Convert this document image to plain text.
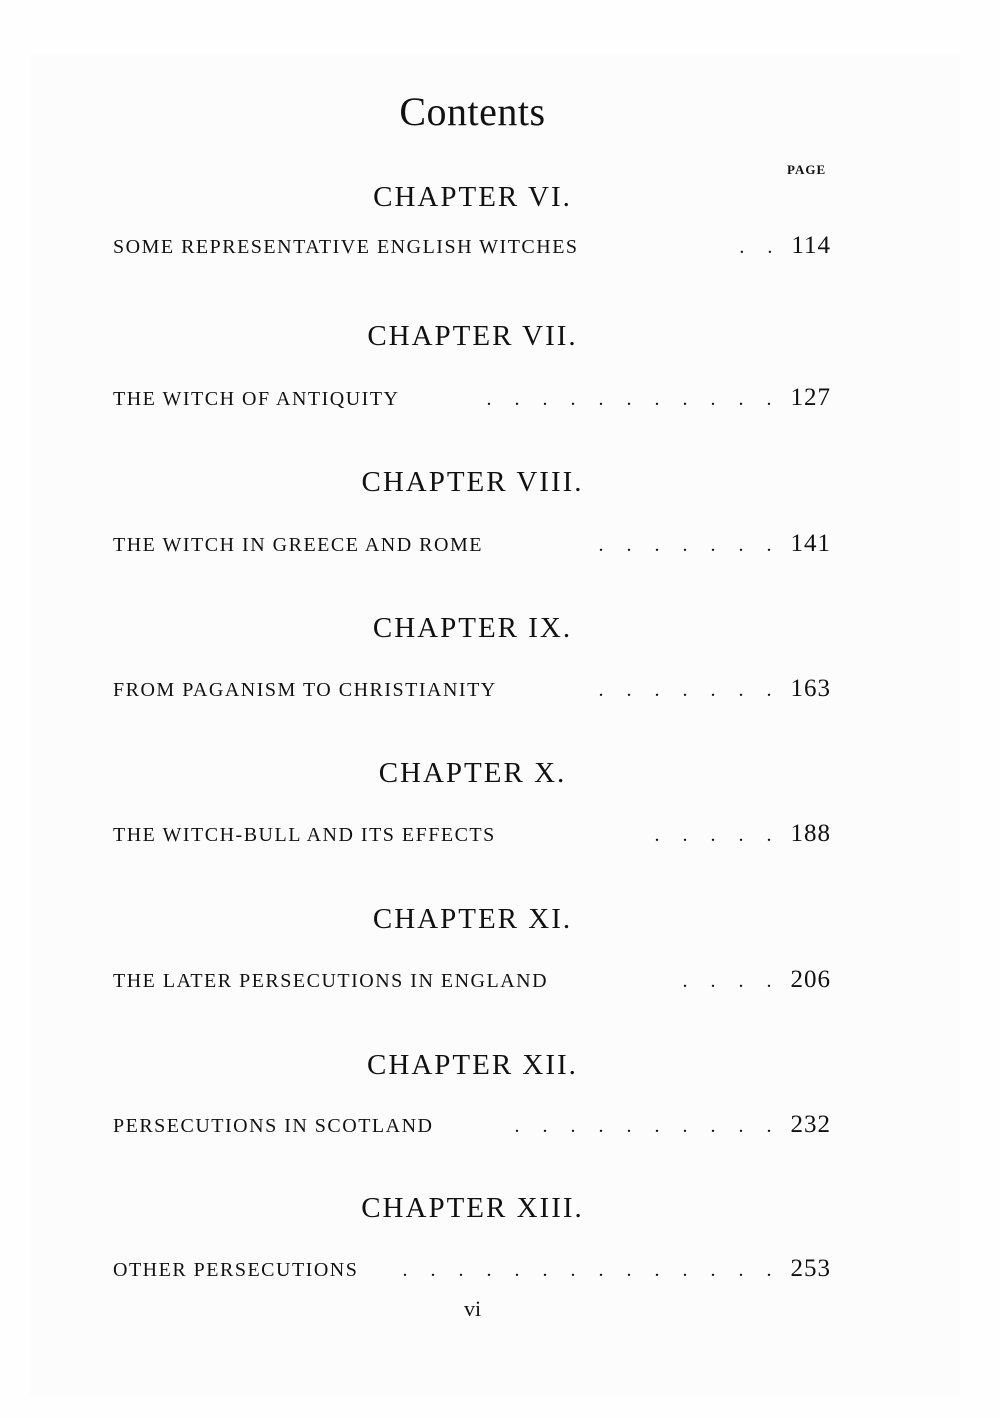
Contents
PAGE
CHAPTER VI.
SOME REPRESENTATIVE ENGLISH WITCHES	. . 114
CHAPTER VII.
THE WITCH OF ANTIQUITY	. . . . . . . . . . . 127
CHAPTER VIII.
THE WITCH IN GREECE AND ROME	. . . . . . . 141
CHAPTER IX.
FROM PAGANISM TO CHRISTIANITY	. . . . . . . 163
CHAPTER X.
THE WITCH-BULL AND ITS EFFECTS	. . . . . 188
CHAPTER XI.
THE LATER PERSECUTIONS IN ENGLAND	. . . . 206
CHAPTER XII.
PERSECUTIONS IN SCOTLAND	. . . . . . . . . . 232
CHAPTER XIII.
OTHER PERSECUTIONS	. . . . . . . . . . . . . . 253
vi
